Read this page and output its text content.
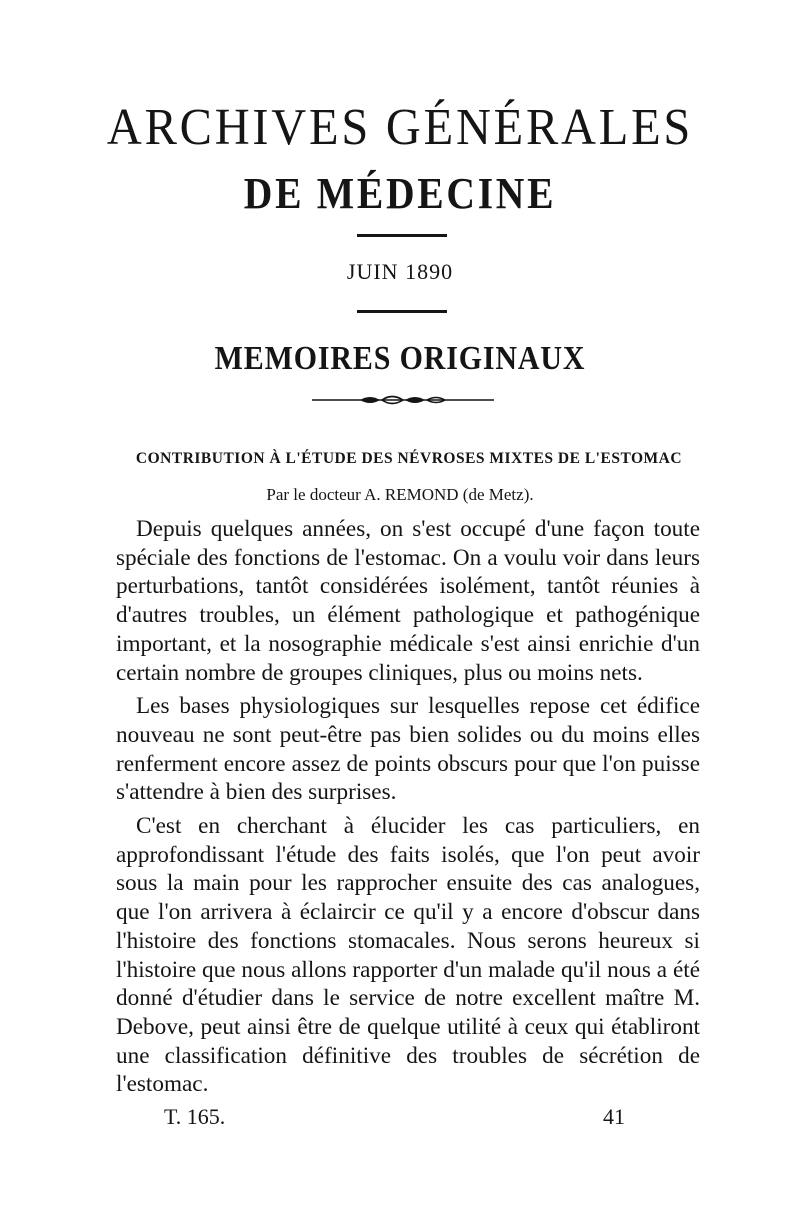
ARCHIVES GÉNÉRALES
DE MÉDECINE
JUIN 1890
MEMOIRES ORIGINAUX
CONTRIBUTION À L'ÉTUDE DES NÉVROSES MIXTES DE L'ESTOMAC
Par le docteur A. REMOND (de Metz).

Depuis quelques années, on s'est occupé d'une façon toute spéciale des fonctions de l'estomac. On a voulu voir dans leurs perturbations, tantôt considérées isolément, tantôt réunies à d'autres troubles, un élément pathologique et pathogénique important, et la nosographie médicale s'est ainsi enrichie d'un certain nombre de groupes cliniques, plus ou moins nets.

Les bases physiologiques sur lesquelles repose cet édifice nouveau ne sont peut-être pas bien solides ou du moins elles renferment encore assez de points obscurs pour que l'on puisse s'attendre à bien des surprises.

C'est en cherchant à élucider les cas particuliers, en approfondissant l'étude des faits isolés, que l'on peut avoir sous la main pour les rapprocher ensuite des cas analogues, que l'on arrivera à éclaircir ce qu'il y a encore d'obscur dans l'histoire des fonctions stomacales. Nous serons heureux si l'histoire que nous allons rapporter d'un malade qu'il nous a été donné d'étudier dans le service de notre excellent maître M. Debove, peut ainsi être de quelque utilité à ceux qui établiront une classification définitive des troubles de sécrétion de l'estomac.

T. 165.	41
